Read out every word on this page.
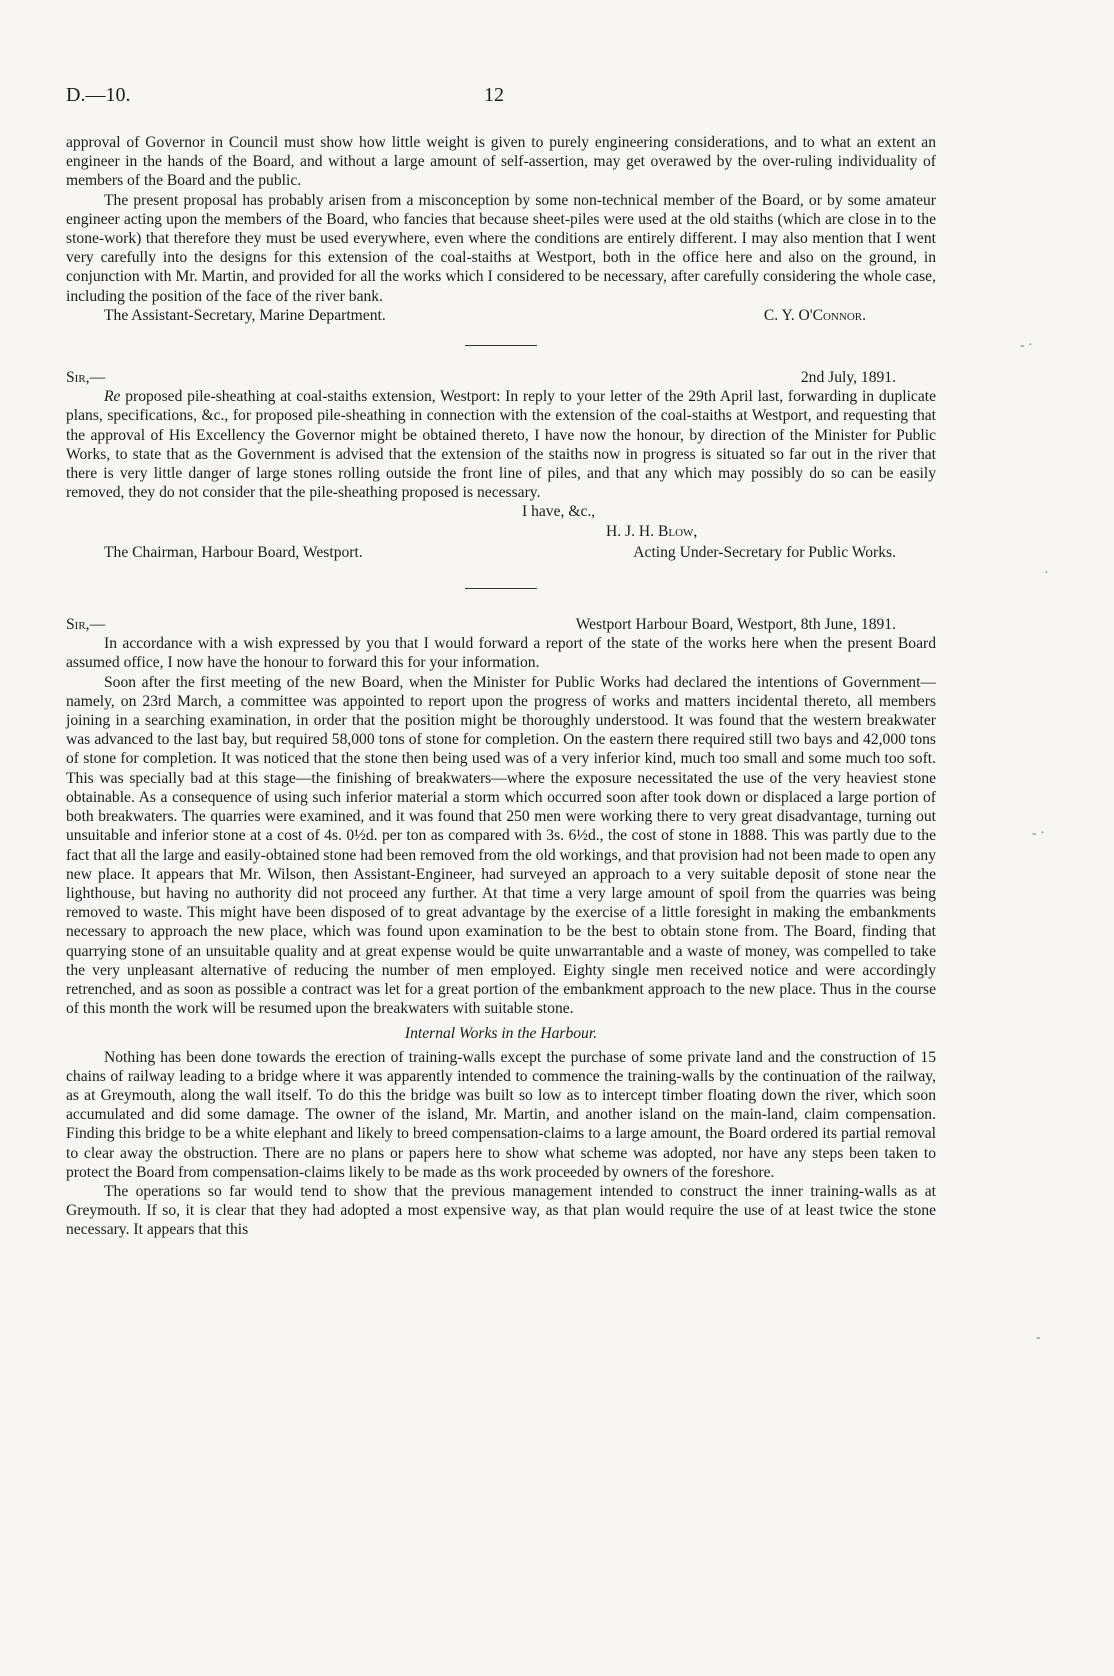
D.—10.	12

approval of Governor in Council must show how little weight is given to purely engineering considerations, and to what an extent an engineer in the hands of the Board, and without a large amount of self-assertion, may get overawed by the over-ruling individuality of members of the Board and the public.

The present proposal has probably arisen from a misconception by some non-technical member of the Board, or by some amateur engineer acting upon the members of the Board, who fancies that because sheet-piles were used at the old staiths (which are close in to the stone-work) that therefore they must be used everywhere, even where the conditions are entirely different. I may also mention that I went very carefully into the designs for this extension of the coal-staiths at Westport, both in the office here and also on the ground, in conjunction with Mr. Martin, and provided for all the works which I considered to be necessary, after carefully considering the whole case, including the position of the face of the river bank.

The Assistant-Secretary, Marine Department.	C. Y. O'Connor.
Sir,—	2nd July, 1891.

Re proposed pile-sheathing at coal-staiths extension, Westport: In reply to your letter of the 29th April last, forwarding in duplicate plans, specifications, &c., for proposed pile-sheathing in connection with the extension of the coal-staiths at Westport, and requesting that the approval of His Excellency the Governor might be obtained thereto, I have now the honour, by direction of the Minister for Public Works, to state that as the Government is advised that the extension of the staiths now in progress is situated so far out in the river that there is very little danger of large stones rolling outside the front line of piles, and that any which may possibly do so can be easily removed, they do not consider that the pile-sheathing proposed is necessary.

I have, &c.,
H. J. H. Blow,
The Chairman, Harbour Board, Westport.	Acting Under-Secretary for Public Works.
Sir,—	Westport Harbour Board, Westport, 8th June, 1891.

In accordance with a wish expressed by you that I would forward a report of the state of the works here when the present Board assumed office, I now have the honour to forward this for your information.

Soon after the first meeting of the new Board, when the Minister for Public Works had declared the intentions of Government—namely, on 23rd March, a committee was appointed to report upon the progress of works and matters incidental thereto, all members joining in a searching examination, in order that the position might be thoroughly understood. It was found that the western breakwater was advanced to the last bay, but required 58,000 tons of stone for completion. On the eastern there required still two bays and 42,000 tons of stone for completion. It was noticed that the stone then being used was of a very inferior kind, much too small and some much too soft. This was specially bad at this stage—the finishing of breakwaters—where the exposure necessitated the use of the very heaviest stone obtainable. As a consequence of using such inferior material a storm which occurred soon after took down or displaced a large portion of both breakwaters. The quarries were examined, and it was found that 250 men were working there to very great disadvantage, turning out unsuitable and inferior stone at a cost of 4s. 0½d. per ton as compared with 3s. 6½d., the cost of stone in 1888. This was partly due to the fact that all the large and easily-obtained stone had been removed from the old workings, and that provision had not been made to open any new place. It appears that Mr. Wilson, then Assistant-Engineer, had surveyed an approach to a very suitable deposit of stone near the lighthouse, but having no authority did not proceed any further. At that time a very large amount of spoil from the quarries was being removed to waste. This might have been disposed of to great advantage by the exercise of a little foresight in making the embankments necessary to approach the new place, which was found upon examination to be the best to obtain stone from. The Board, finding that quarrying stone of an unsuitable quality and at great expense would be quite unwarrantable and a waste of money, was compelled to take the very unpleasant alternative of reducing the number of men employed. Eighty single men received notice and were accordingly retrenched, and as soon as possible a contract was let for a great portion of the embankment approach to the new place. Thus in the course of this month the work will be resumed upon the breakwaters with suitable stone.

Internal Works in the Harbour.

Nothing has been done towards the erection of training-walls except the purchase of some private land and the construction of 15 chains of railway leading to a bridge where it was apparently intended to commence the training-walls by the continuation of the railway, as at Greymouth, along the wall itself. To do this the bridge was built so low as to intercept timber floating down the river, which soon accumulated and did some damage. The owner of the island, Mr. Martin, and another island on the main-land, claim compensation. Finding this bridge to be a white elephant and likely to breed compensation-claims to a large amount, the Board ordered its partial removal to clear away the obstruction. There are no plans or papers here to show what scheme was adopted, nor have any steps been taken to protect the Board from compensation-claims likely to be made as ths work proceeded by owners of the foreshore.

The operations so far would tend to show that the previous management intended to construct the inner training-walls as at Greymouth. If so, it is clear that they had adopted a most expensive way, as that plan would require the use of at least twice the stone necessary. It appears that this

‐ ·
·
‐ ·
‑
